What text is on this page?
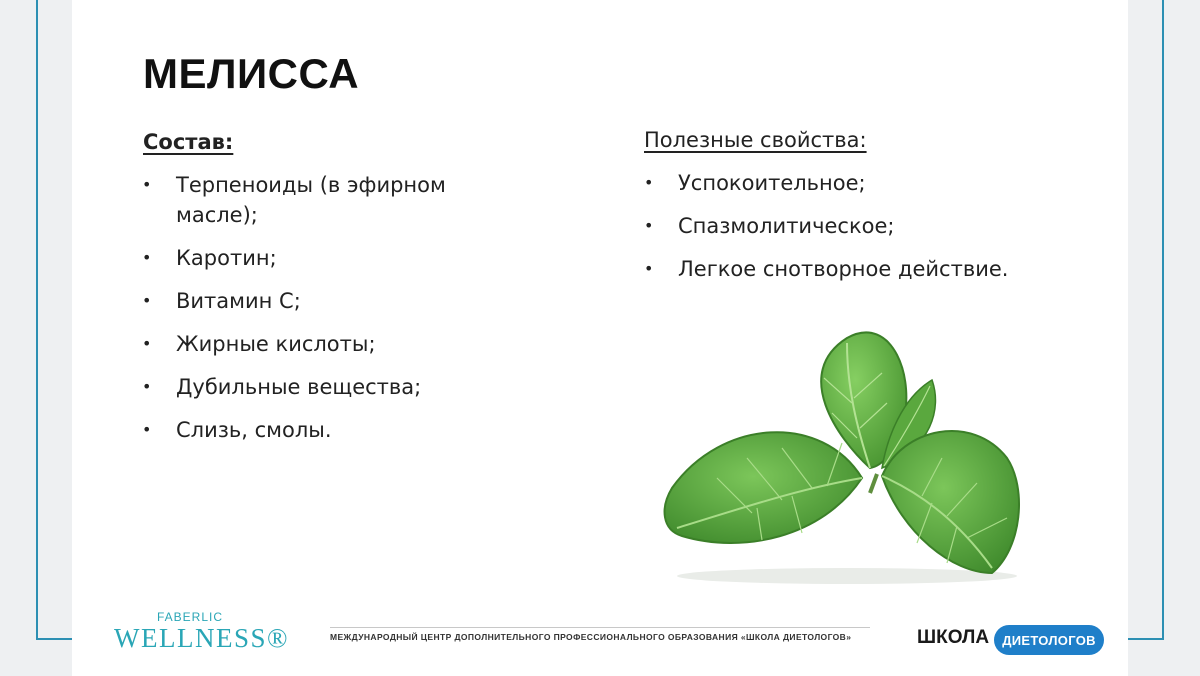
МЕЛИССА
Состав:
• Терпеноиды (в эфирном масле);
• Каротин;
• Витамин С;
• Жирные кислоты;
• Дубильные вещества;
• Слизь, смолы.
Полезные свойства:
• Успокоительное;
• Спазмолитическое;
• Легкое снотворное действие.
FABERLIC
WELLNESS®	МЕЖДУНАРОДНЫЙ ЦЕНТР ДОПОЛНИТЕЛЬНОГО ПРОФЕССИОНАЛЬНОГО ОБРАЗОВАНИЯ «ШКОЛА ДИЕТОЛОГОВ»	ШКОЛА	ДИЕТОЛОГОВ
